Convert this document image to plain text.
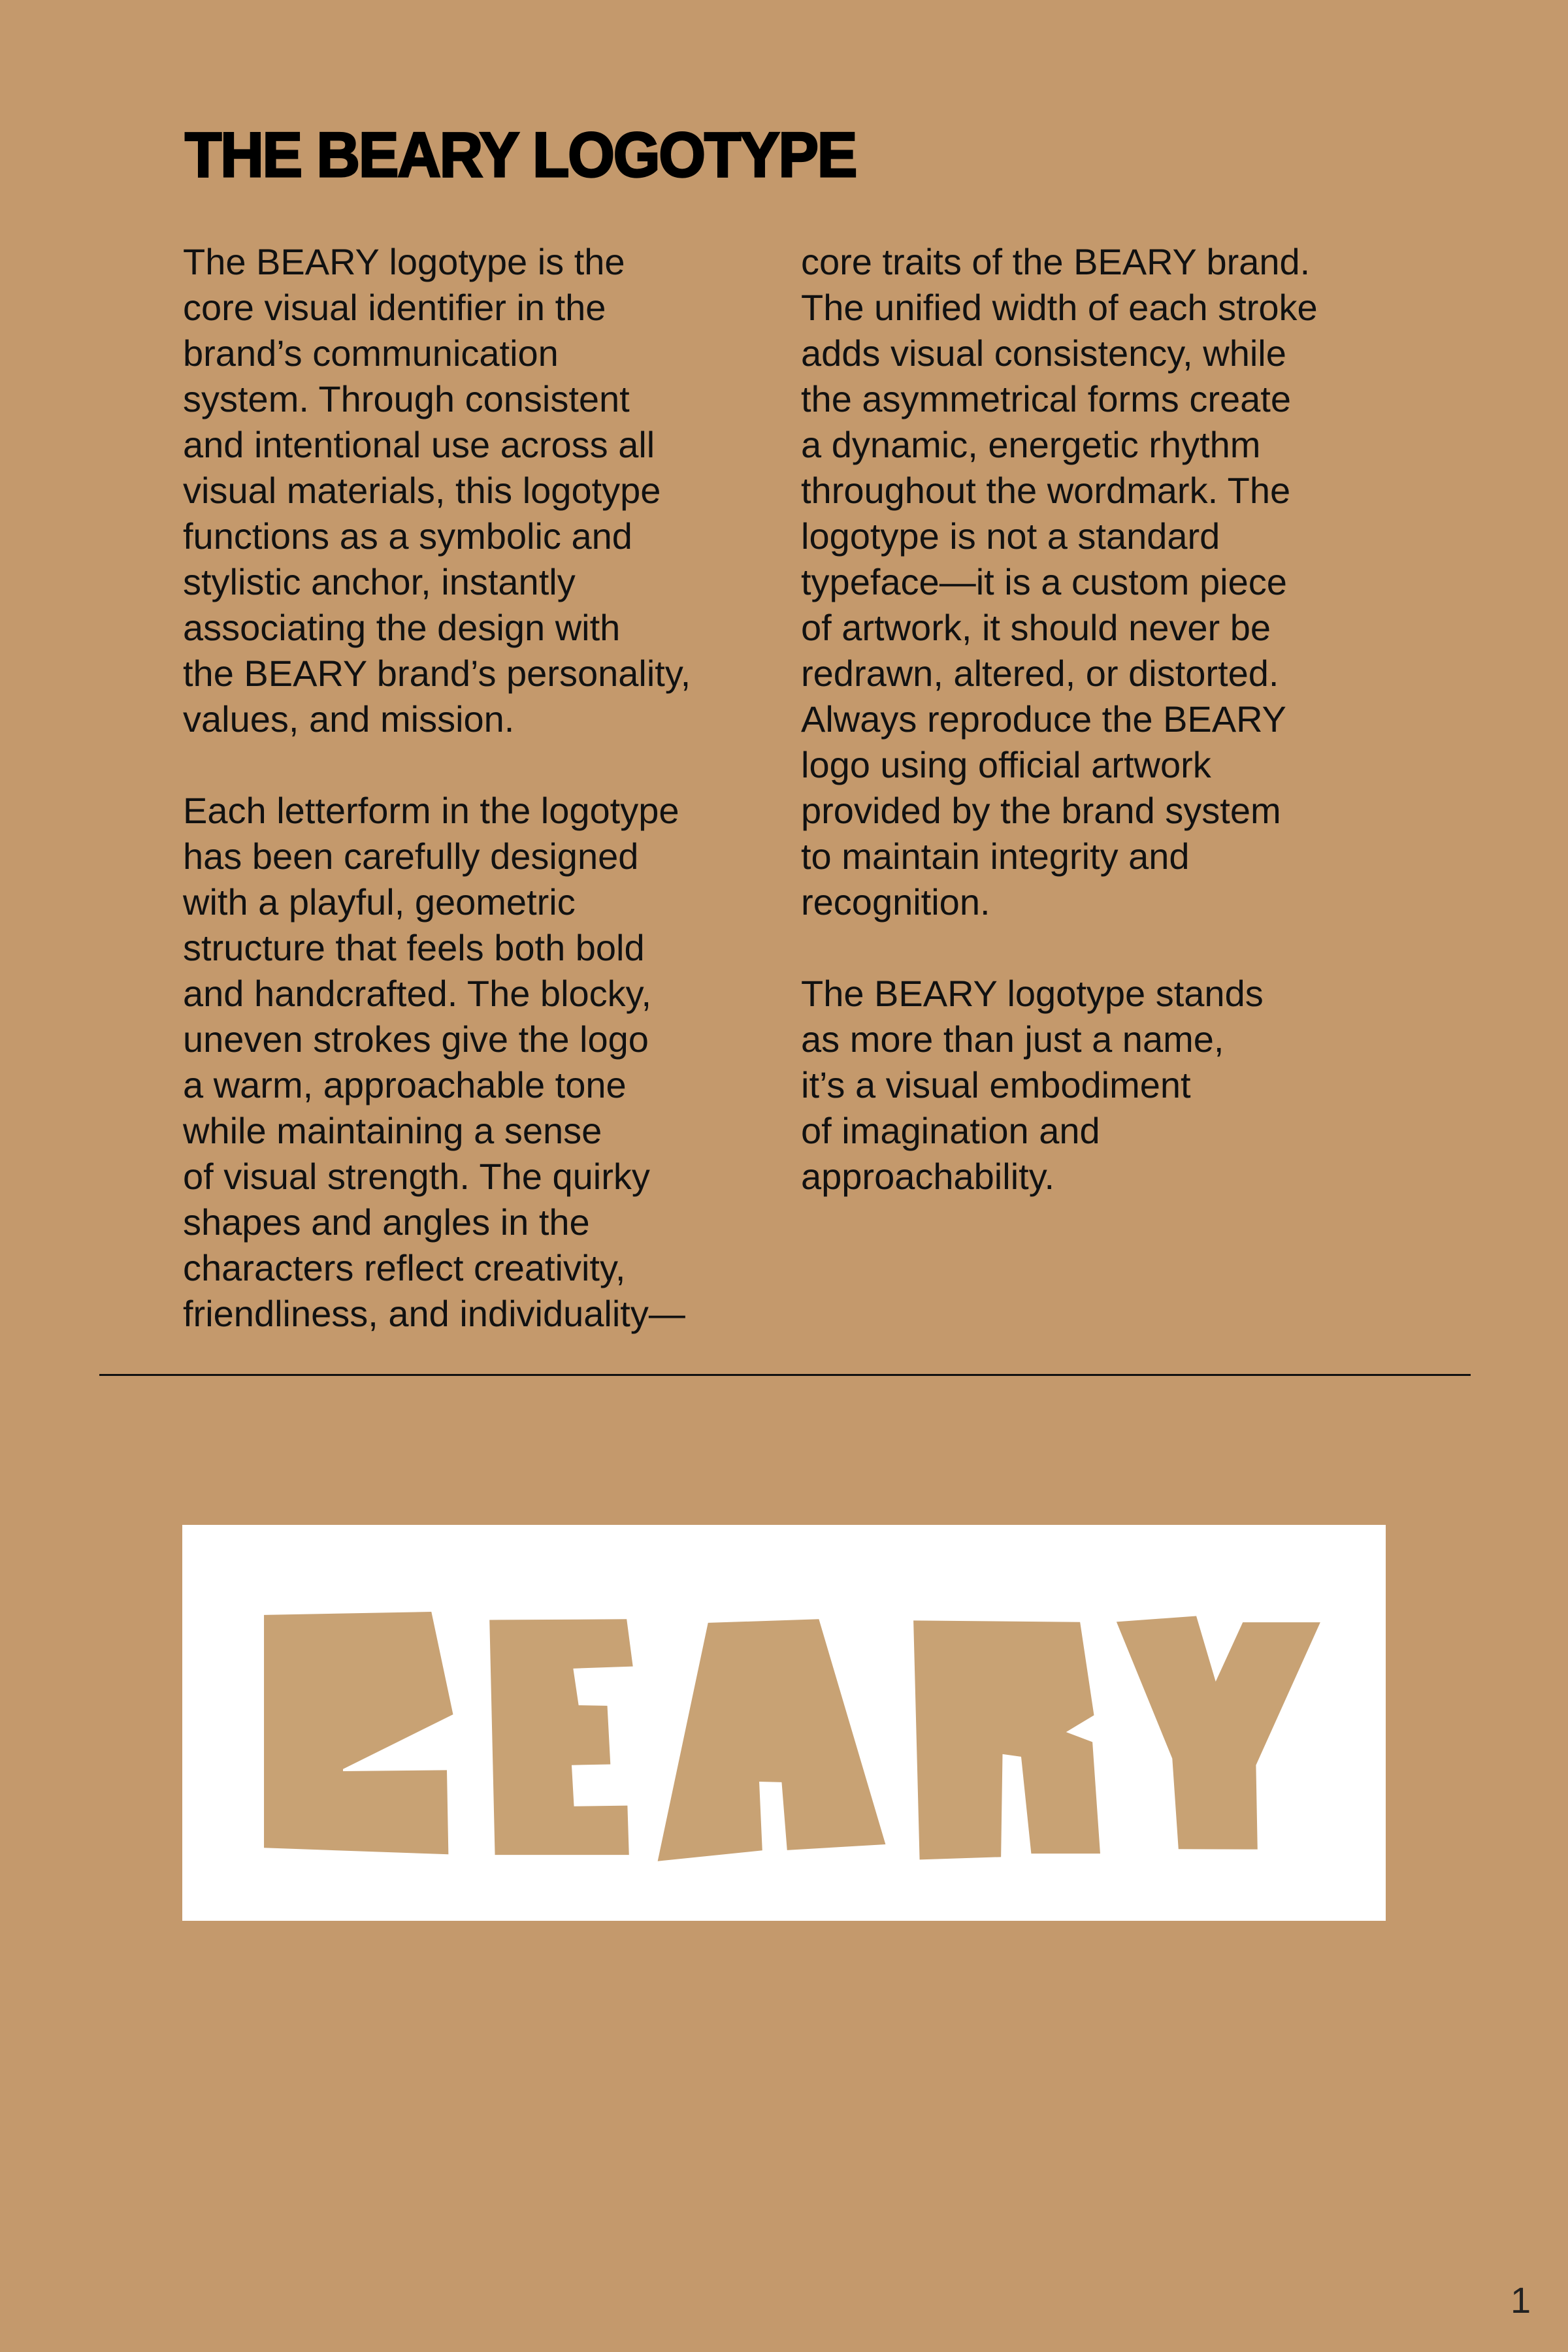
THE BEARY LOGOTYPE
The BEARY logotype is the
core visual identifier in the
brand’s communication
system. Through consistent
and intentional use across all
visual materials, this logotype
functions as a symbolic and
stylistic anchor, instantly
associating the design with
the BEARY brand’s personality,
values, and mission.
Each letterform in the logotype
has been carefully designed
with a playful, geometric
structure that feels both bold
and handcrafted. The blocky,
uneven strokes give the logo
a warm, approachable tone
while maintaining a sense
of visual strength. The quirky
shapes and angles in the
characters reflect creativity,
friendliness, and individuality—
core traits of the BEARY brand.
The unified width of each stroke
adds visual consistency, while
the asymmetrical forms create
a dynamic, energetic rhythm
throughout the wordmark. The
logotype is not a standard
typeface—it is a custom piece
of artwork, it should never be
redrawn, altered, or distorted.
Always reproduce the BEARY
logo using official artwork
provided by the brand system
to maintain integrity and
recognition.
The BEARY logotype stands
as more than just a name,
it’s a visual embodiment
of imagination and
approachability.
1
